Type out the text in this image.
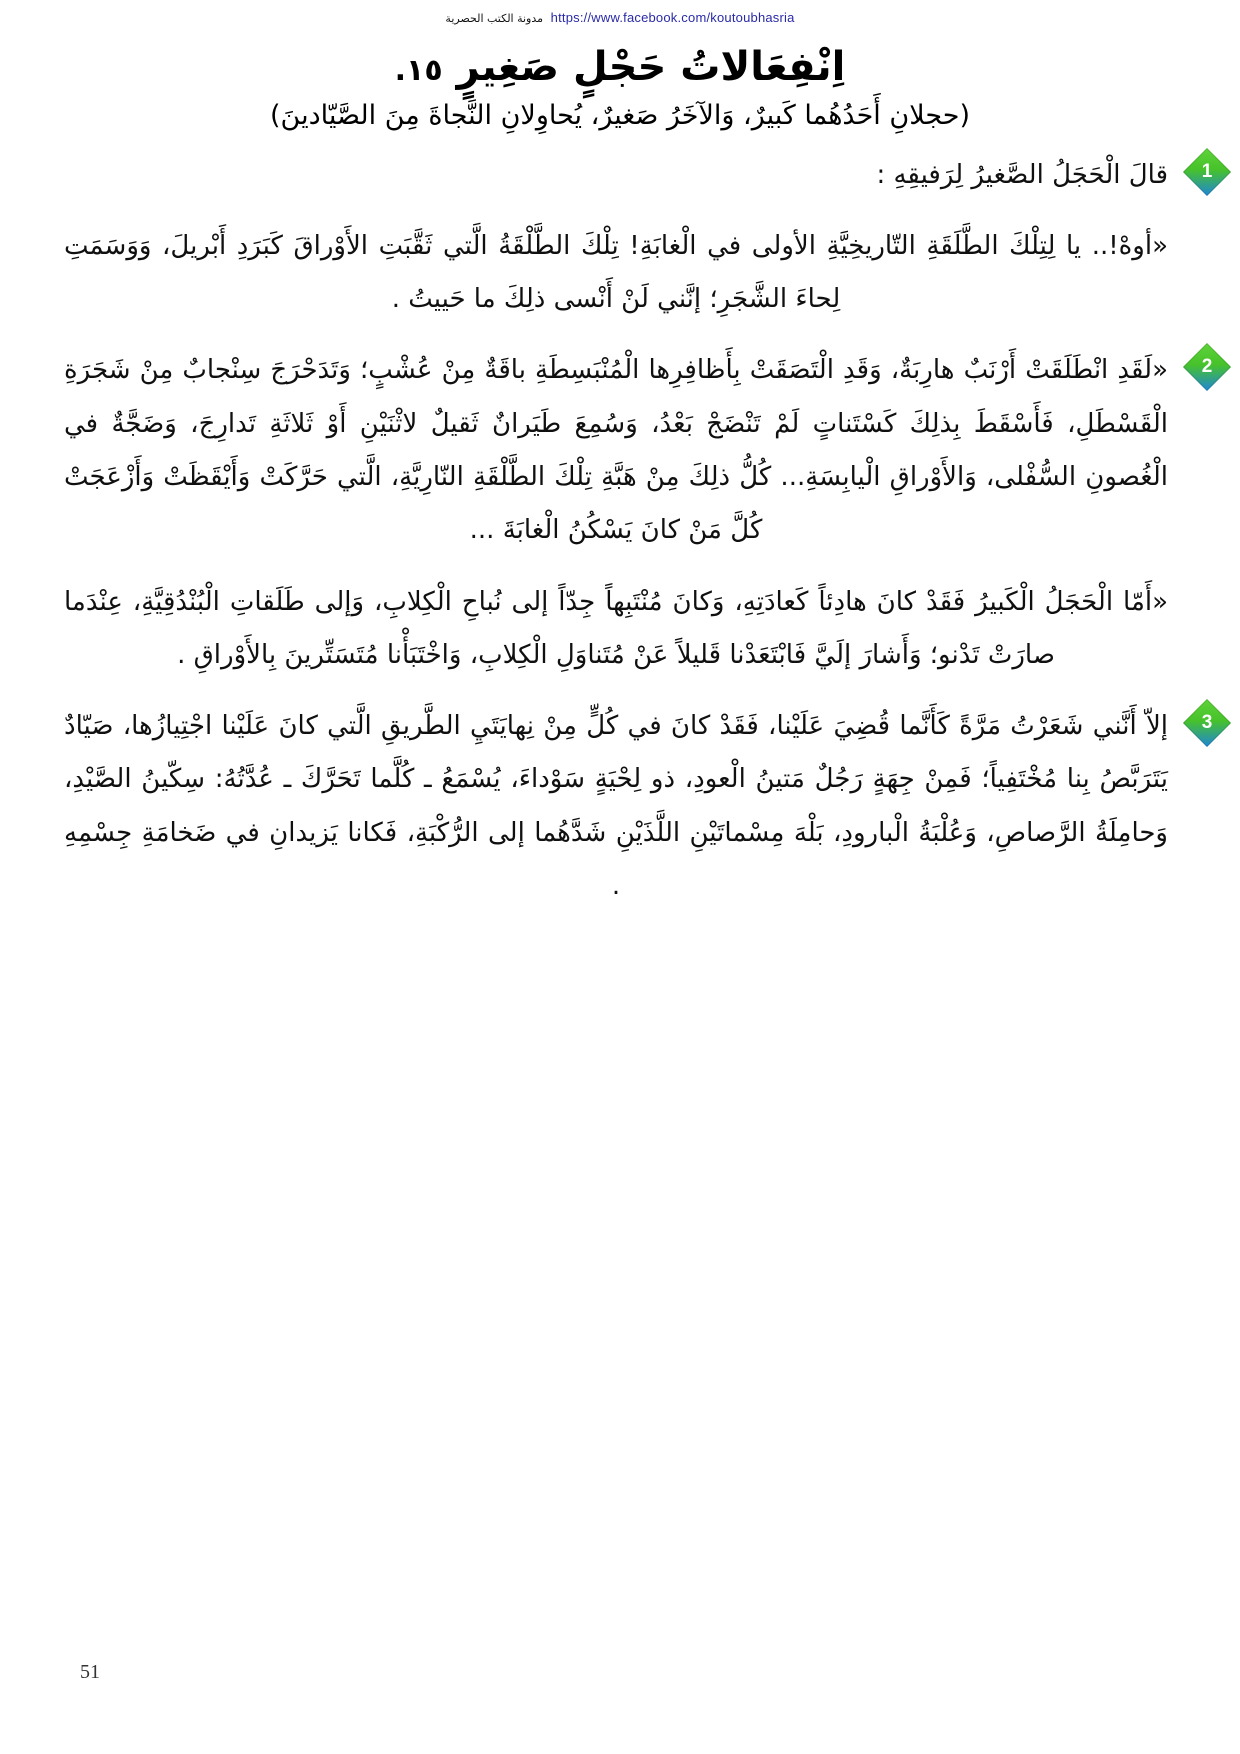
مدونة الكتب الحصرية https://www.facebook.com/koutoubhasria
اِنْفِعَالاتُ حَجْلٍ صَغِيرٍ ١٥.
(حجلانِ أَحَدُهُما كَبيرٌ، وَالآخَرُ صَغيرٌ، يُحاوِلانِ النَّجاةَ مِنَ الصَّيّادينَ)
1
قالَ الْحَجَلُ الصَّغيرُ لِرَفيقِهِ :
«أوهْ!.. يا لِتِلْكَ الطَّلَقَةِ التّاريخِيَّةِ الأولى في الْغابَةِ! تِلْكَ الطَّلْقَةُ الَّتي ثَقَّبَتِ الأَوْراقَ كَبَرَدِ أَبْريلَ، وَوَسَمَتِ لِحاءَ الشَّجَرِ؛ إنَّني لَنْ أَنْسى ذلِكَ ما حَييتُ .
2
«لَقَدِ انْطَلَقَتْ أَرْنَبٌ هارِبَةٌ، وَقَدِ الْتَصَقَتْ بِأَظافِرِها الْمُنْبَسِطَةِ باقَةٌ مِنْ عُشْبٍ؛ وَتَدَحْرَجَ سِنْجابٌ مِنْ شَجَرَةِ الْقَسْطَلِ، فَأَسْقَطَ بِذلِكَ كَسْتَناتٍ لَمْ تَنْضَجْ بَعْدُ، وَسُمِعَ طَيَرانٌ ثَقيلٌ لاثْنَيْنِ أَوْ ثَلاثَةِ تَدارِجَ، وَضَجَّةٌ في الْغُصونِ السُّفْلى، وَالأَوْراقِ الْيابِسَةِ... كُلُّ ذلِكَ مِنْ هَبَّةِ تِلْكَ الطَّلْقَةِ النّارِيَّةِ، الَّتي حَرَّكَتْ وَأَيْقَظَتْ وَأَزْعَجَتْ كُلَّ مَنْ كانَ يَسْكُنُ الْغابَةَ ...
«أَمّا الْحَجَلُ الْكَبيرُ فَقَدْ كانَ هادِئاً كَعادَتِهِ، وَكانَ مُنْتَبِهاً جِدّاً إلى نُباحِ الْكِلابِ، وَإلى طَلَقاتِ الْبُنْدُقِيَّةِ، عِنْدَما صارَتْ تَدْنو؛ وَأَشارَ إلَيَّ فَابْتَعَدْنا قَليلاً عَنْ مُتَناوَلِ الْكِلابِ، وَاخْتَبَأْنا مُتَسَتِّرينَ بِالأَوْراقِ .
3
إلاّ أَنَّني شَعَرْتُ مَرَّةً كَأَنَّما قُضِيَ عَلَيْنا، فَقَدْ كانَ في كُلٍّ مِنْ نِهايَتَيِ الطَّريقِ الَّتي كانَ عَلَيْنا اجْتِيازُها، صَيّادٌ يَتَرَبَّصُ بِنا مُخْتَفِياً؛ فَمِنْ جِهَةٍ رَجُلٌ مَتينُ الْعودِ، ذو لِحْيَةٍ سَوْداءَ، يُسْمَعُ ـ كُلَّما تَحَرَّكَ ـ عُدَّتُهُ: سِكّينُ الصَّيْدِ، وَحامِلَةُ الرَّصاصِ، وَعُلْبَةُ الْبارودِ، بَلْهَ مِسْماتَيْنِ اللَّذَيْنِ شَدَّهُما إلى الرُّكْبَةِ، فَكانا يَزيدانِ في ضَخامَةِ جِسْمِهِ .
51
